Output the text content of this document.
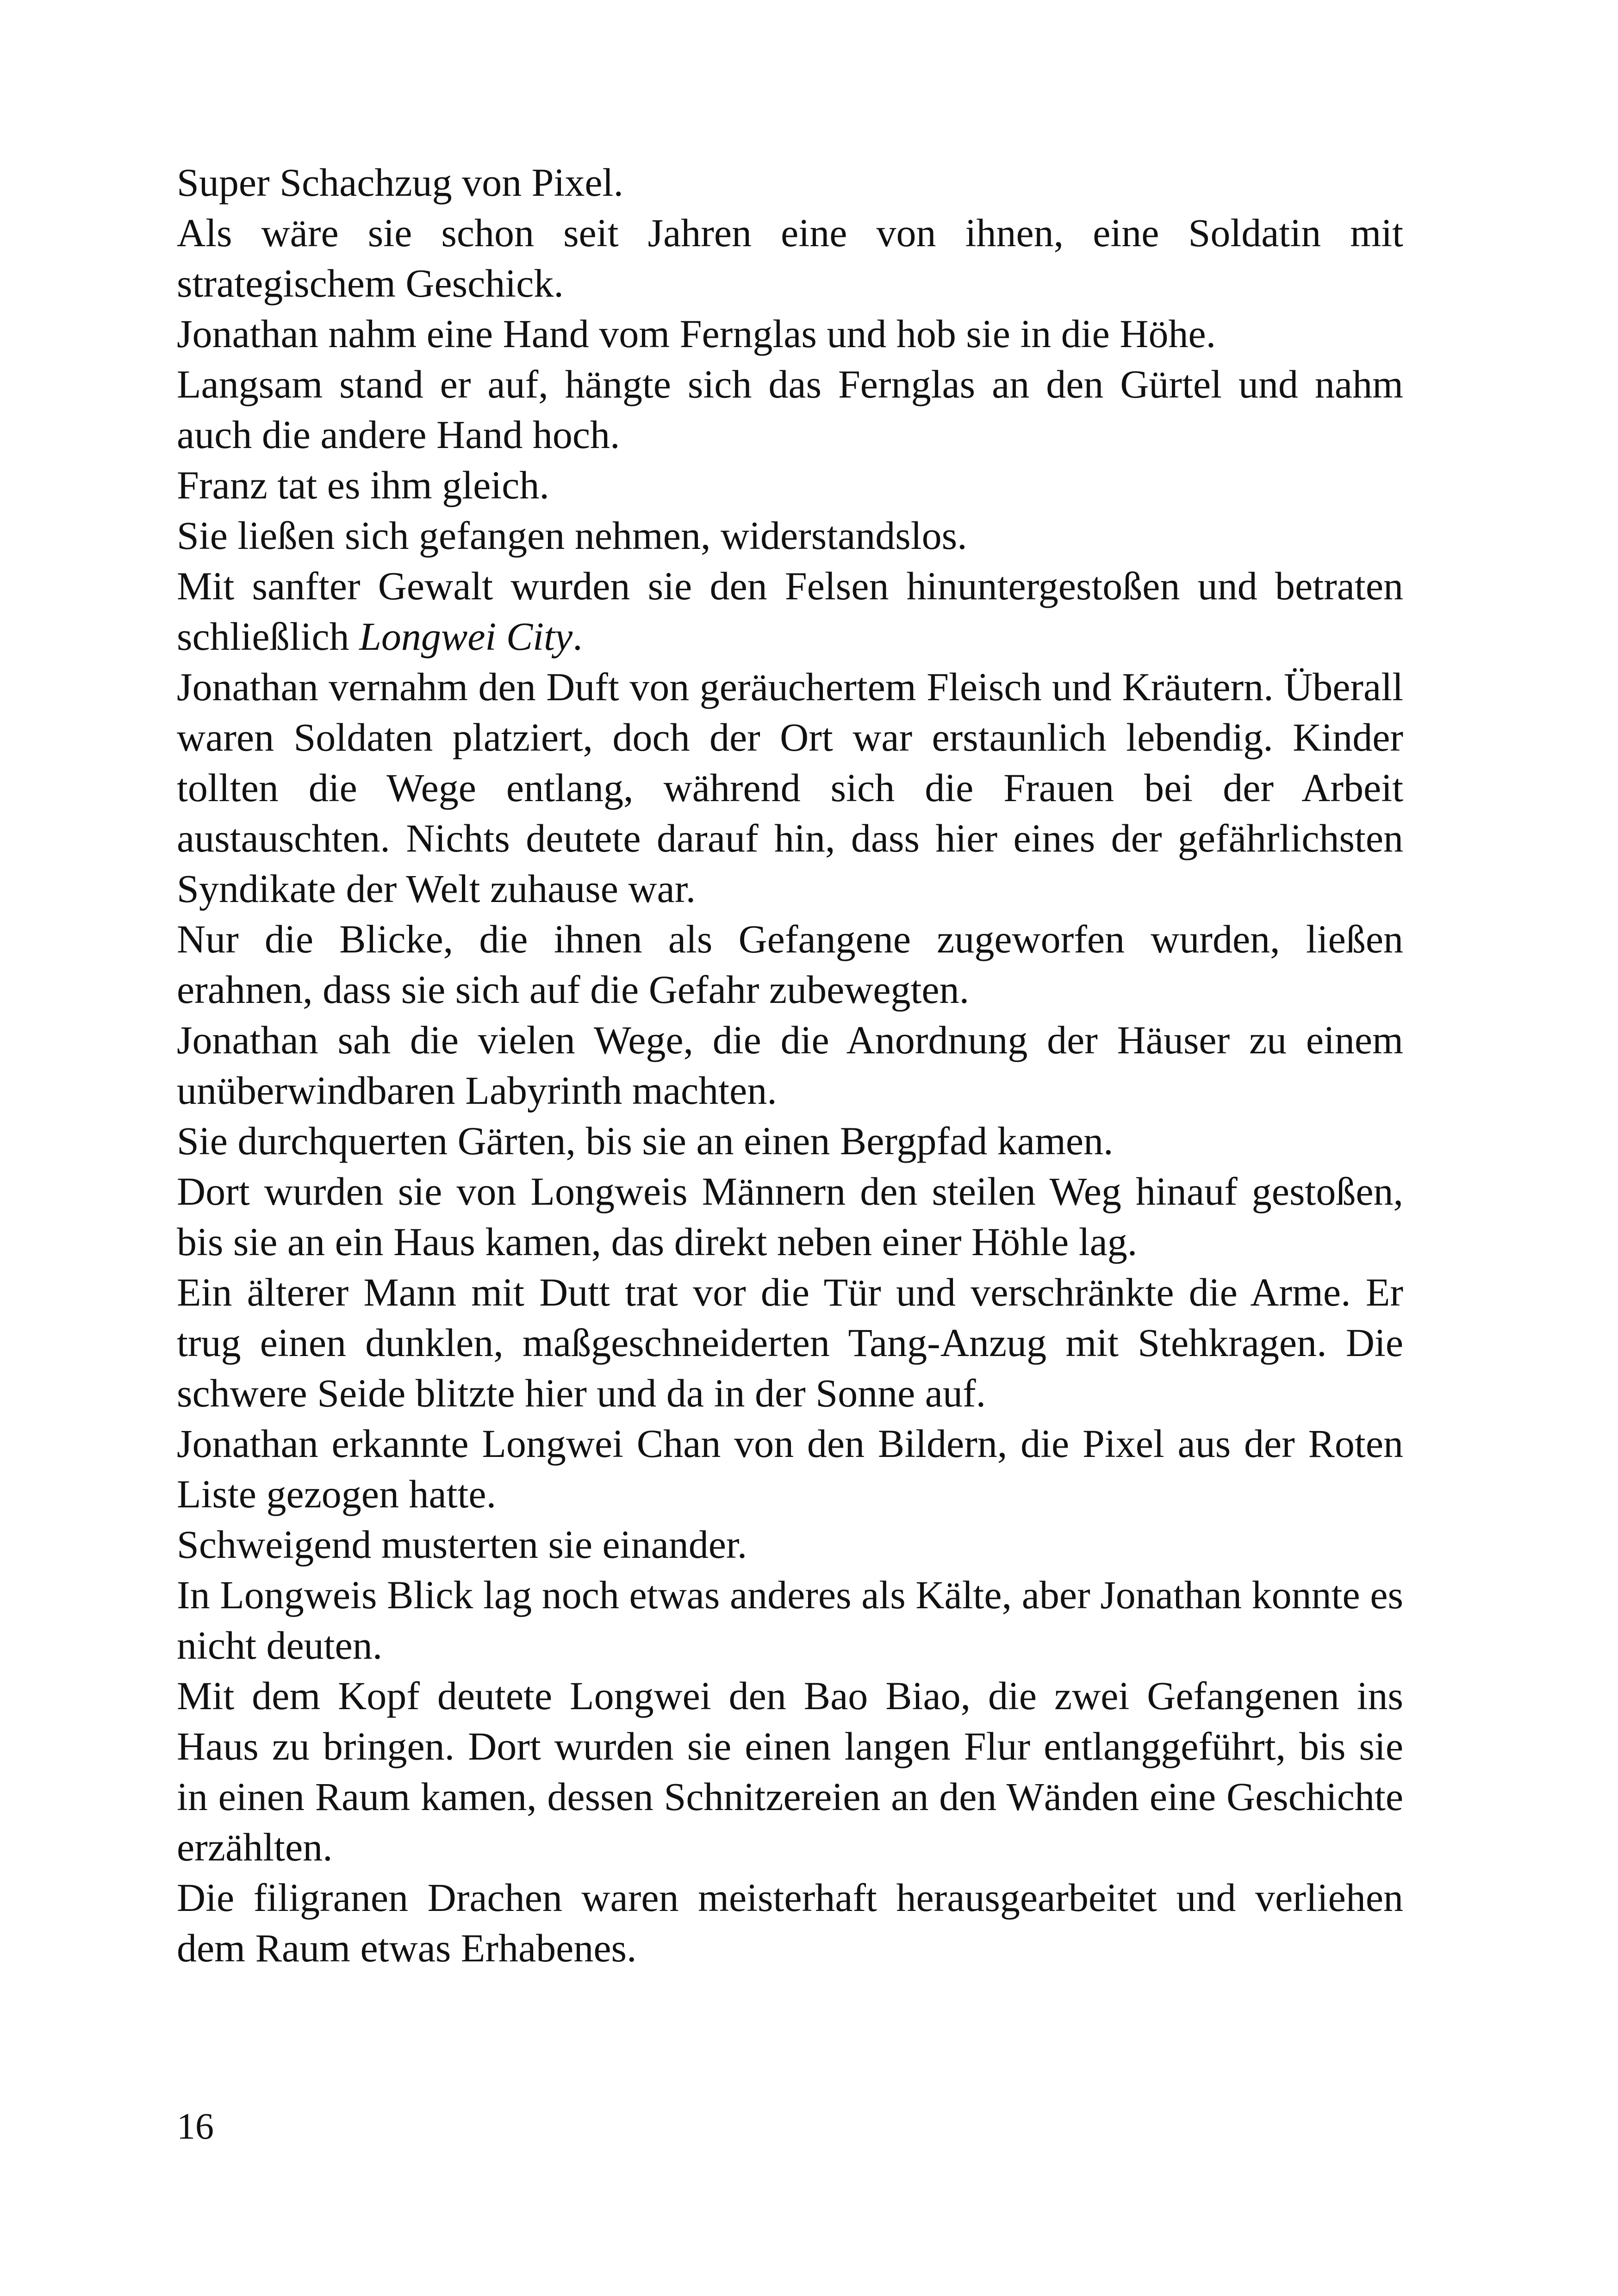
Super Schachzug von Pixel.

Als wäre sie schon seit Jahren eine von ihnen, eine Soldatin mit strategischem Geschick.

Jonathan nahm eine Hand vom Fernglas und hob sie in die Höhe.

Langsam stand er auf, hängte sich das Fernglas an den Gürtel und nahm auch die andere Hand hoch.

Franz tat es ihm gleich.

Sie ließen sich gefangen nehmen, widerstandslos.

Mit sanfter Gewalt wurden sie den Felsen hinuntergestoßen und betraten schließlich Longwei City.

Jonathan vernahm den Duft von geräuchertem Fleisch und Kräutern. Überall waren Soldaten platziert, doch der Ort war erstaunlich lebendig. Kinder tollten die Wege entlang, während sich die Frauen bei der Arbeit austauschten. Nichts deutete darauf hin, dass hier eines der gefährlichsten Syndikate der Welt zuhause war.

Nur die Blicke, die ihnen als Gefangene zugeworfen wurden, ließen erahnen, dass sie sich auf die Gefahr zubewegten.

Jonathan sah die vielen Wege, die die Anordnung der Häuser zu einem unüberwindbaren Labyrinth machten.

Sie durchquerten Gärten, bis sie an einen Bergpfad kamen.

Dort wurden sie von Longweis Männern den steilen Weg hinauf gestoßen, bis sie an ein Haus kamen, das direkt neben einer Höhle lag.

Ein älterer Mann mit Dutt trat vor die Tür und verschränkte die Arme. Er trug einen dunklen, maßgeschneiderten Tang-Anzug mit Stehkragen. Die schwere Seide blitzte hier und da in der Sonne auf.

Jonathan erkannte Longwei Chan von den Bildern, die Pixel aus der Roten Liste gezogen hatte.

Schweigend musterten sie einander.

In Longweis Blick lag noch etwas anderes als Kälte, aber Jonathan konnte es nicht deuten.

Mit dem Kopf deutete Longwei den Bao Biao, die zwei Gefangenen ins Haus zu bringen. Dort wurden sie einen langen Flur entlanggeführt, bis sie in einen Raum kamen, dessen Schnitzereien an den Wänden eine Geschichte erzählten.

Die filigranen Drachen waren meisterhaft herausgearbeitet und verliehen dem Raum etwas Erhabenes.

16
